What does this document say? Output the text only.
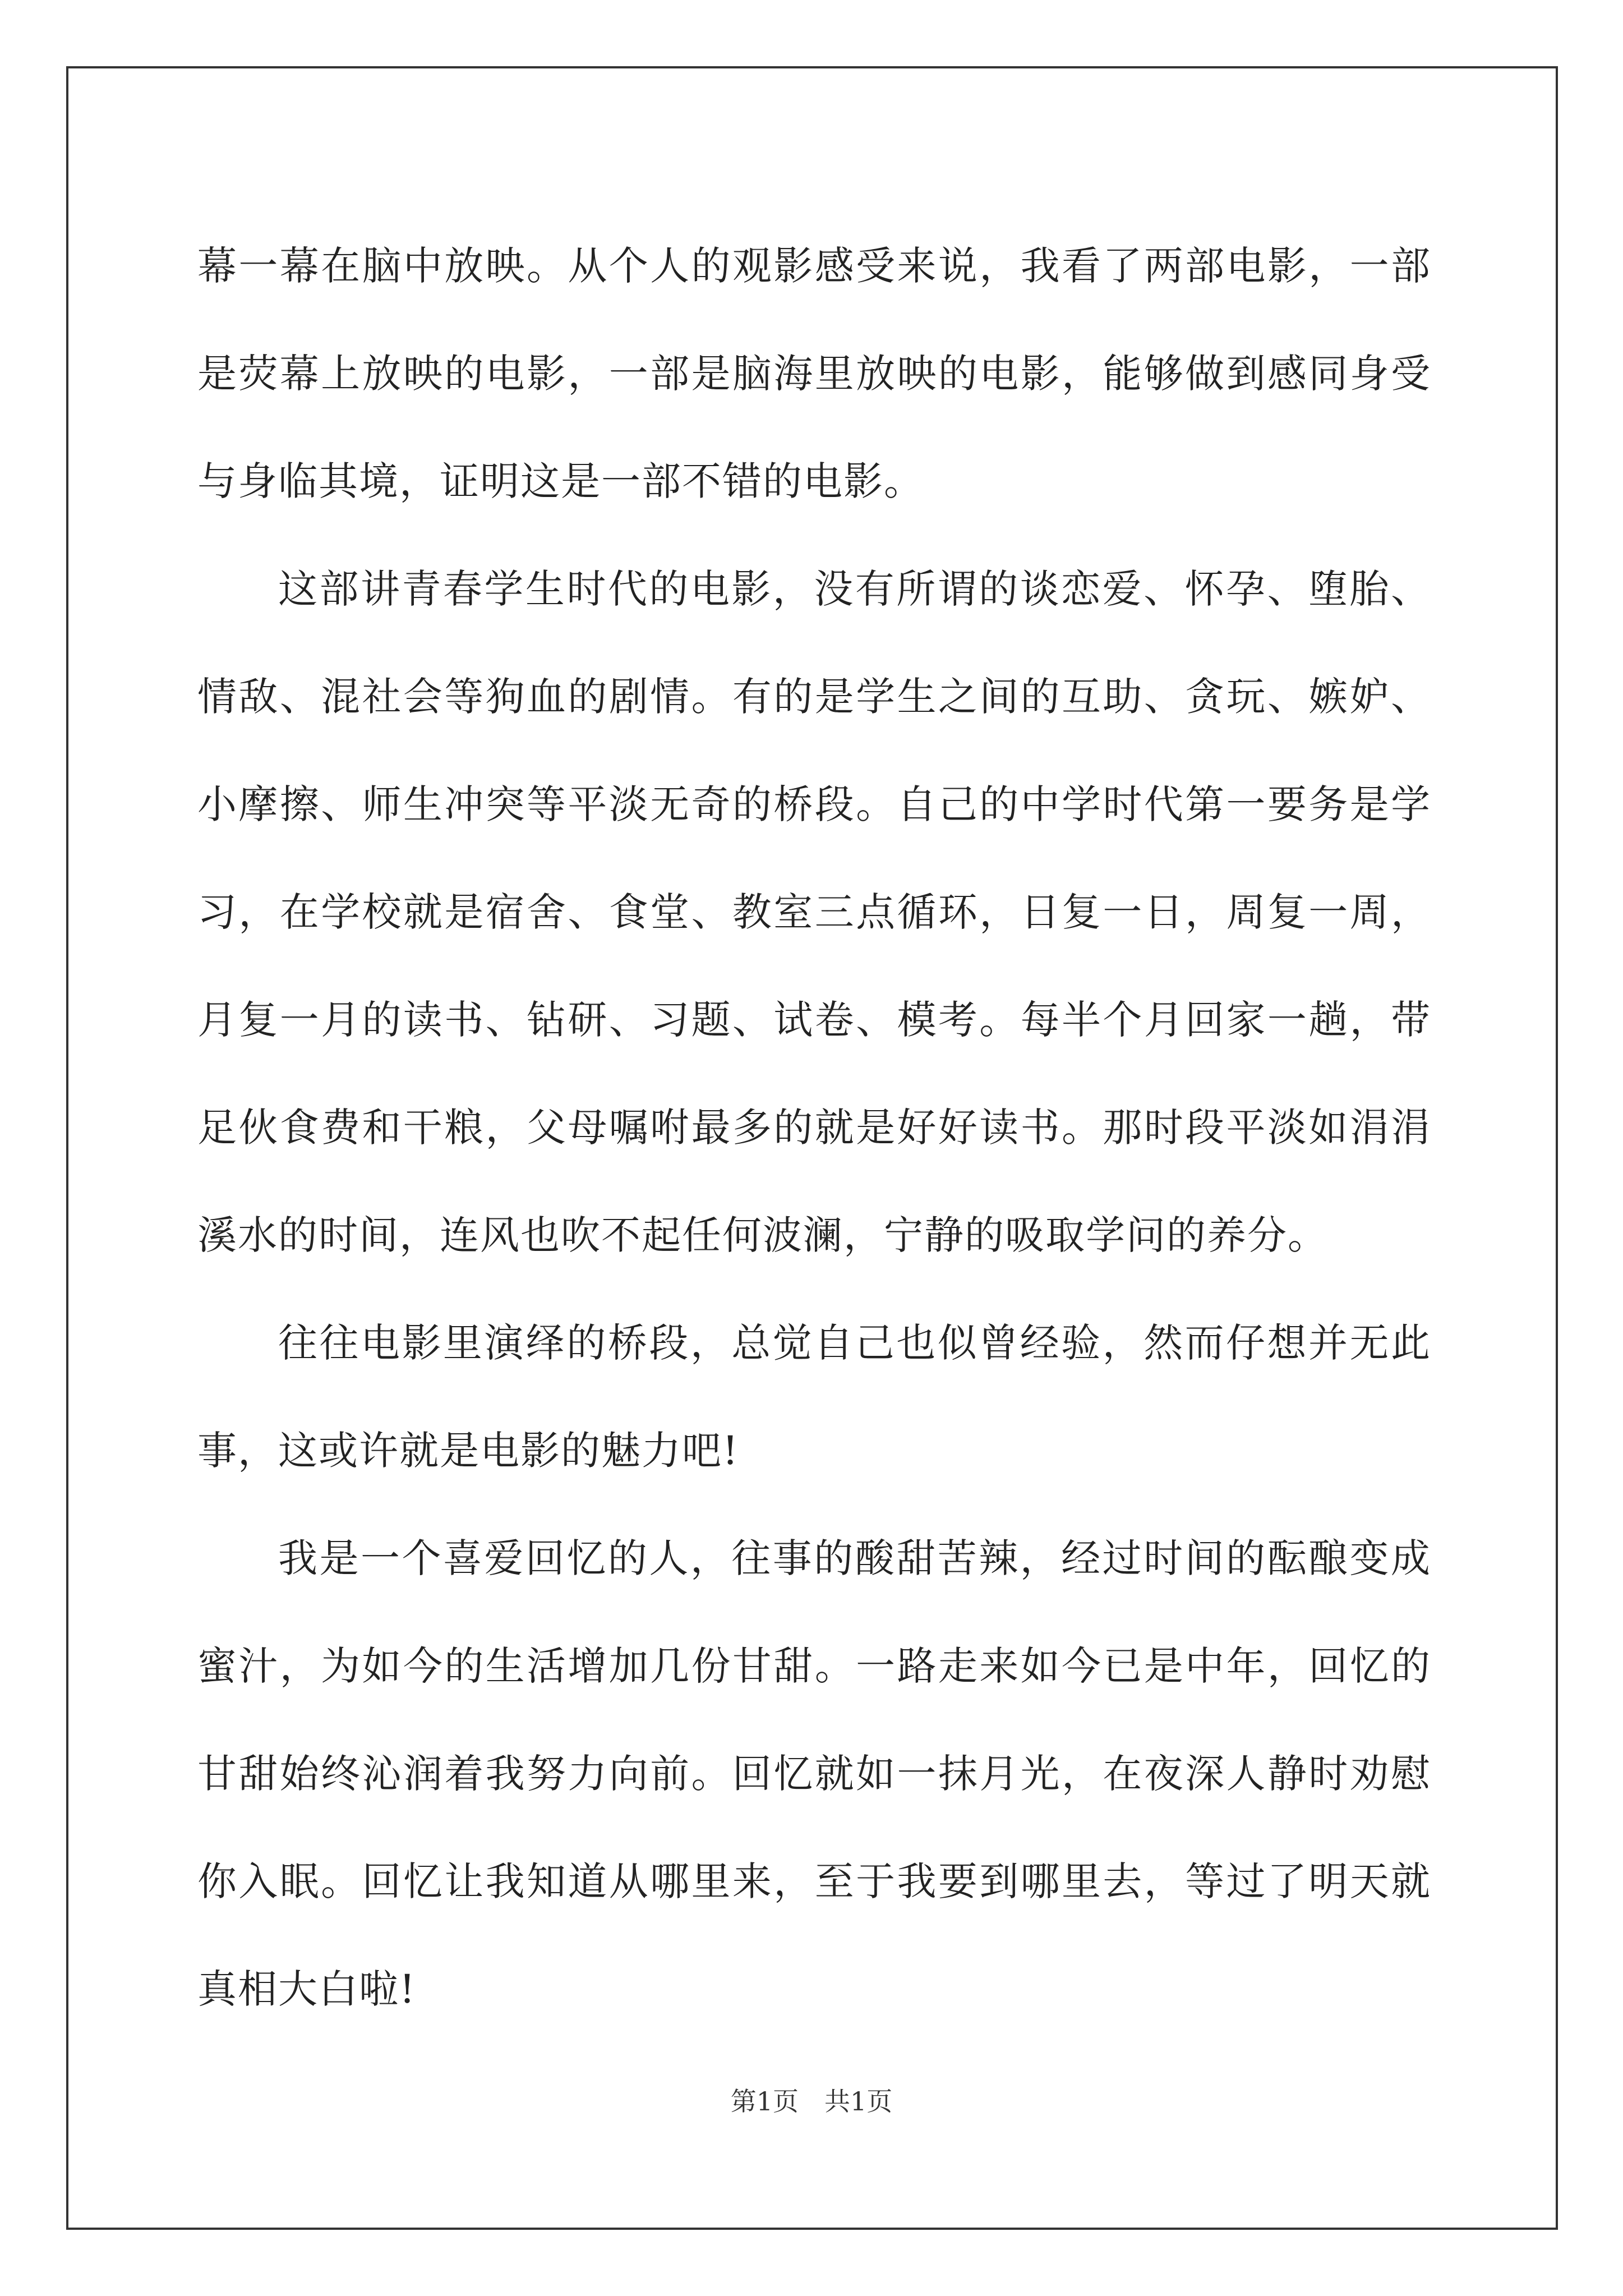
幕一幕在脑中放映。从个人的观影感受来说，我看了两部电影，一部是荧幕上放映的电影，一部是脑海里放映的电影，能够做到感同身受与身临其境，证明这是一部不错的电影。

这部讲青春学生时代的电影，没有所谓的谈恋爱、怀孕、堕胎、情敌、混社会等狗血的剧情。有的是学生之间的互助、贪玩、嫉妒、小摩擦、师生冲突等平淡无奇的桥段。自己的中学时代第一要务是学习，在学校就是宿舍、食堂、教室三点循环，日复一日，周复一周，月复一月的读书、钻研、习题、试卷、模考。每半个月回家一趟，带足伙食费和干粮，父母嘱咐最多的就是好好读书。那时段平淡如涓涓溪水的时间，连风也吹不起任何波澜，宁静的吸取学问的养分。

往往电影里演绎的桥段，总觉自己也似曾经验，然而仔想并无此事，这或许就是电影的魅力吧!

我是一个喜爱回忆的人，往事的酸甜苦辣，经过时间的酝酿变成蜜汁，为如今的生活增加几份甘甜。一路走来如今已是中年，回忆的甘甜始终沁润着我努力向前。回忆就如一抹月光，在夜深人静时劝慰你入眠。回忆让我知道从哪里来，至于我要到哪里去，等过了明天就真相大白啦!

第1页　共1页
